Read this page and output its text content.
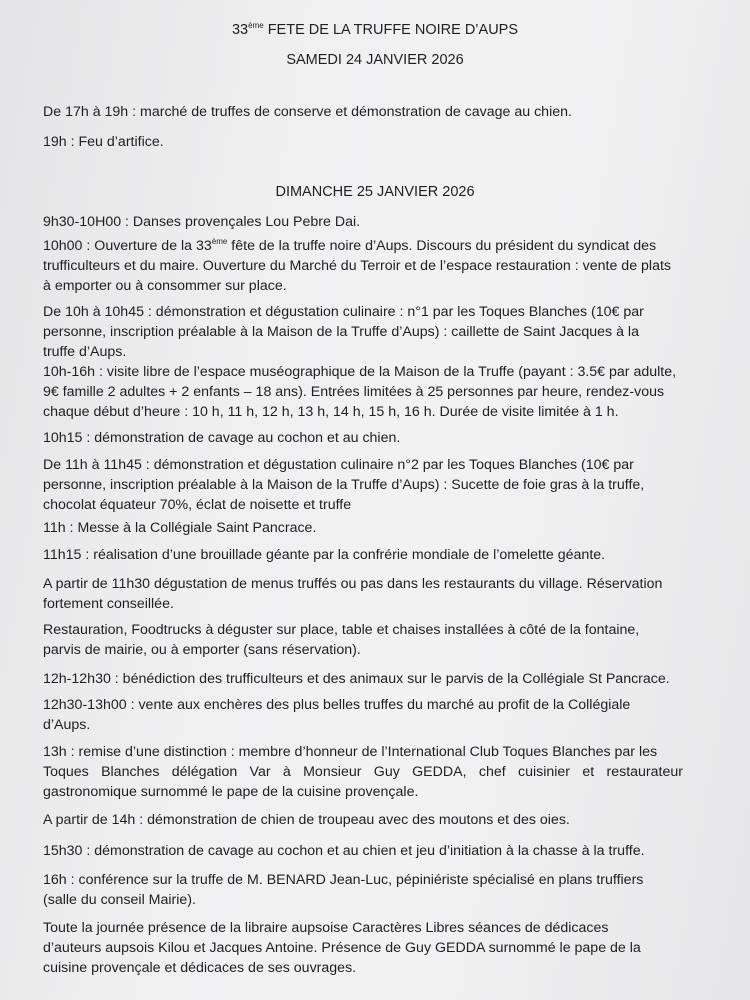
33ème FETE DE LA TRUFFE NOIRE D’AUPS
SAMEDI 24 JANVIER 2026
De 17h à 19h : marché de truffes de conserve et démonstration de cavage au chien.
19h : Feu d’artifice.
DIMANCHE 25 JANVIER 2026
9h30-10H00 : Danses provençales Lou Pebre Dai.
10h00 : Ouverture de la 33ème fête de la truffe noire d’Aups. Discours du président du syndicat des
trufficulteurs et du maire. Ouverture du Marché du Terroir et de l’espace restauration : vente de plats
à emporter ou à consommer sur place.
De 10h à 10h45 : démonstration et dégustation culinaire : n°1 par les Toques Blanches (10€ par
personne, inscription préalable à la Maison de la Truffe d’Aups) : caillette de Saint Jacques à la
truffe d’Aups.
10h-16h : visite libre de l’espace muséographique de la Maison de la Truffe (payant : 3.5€ par adulte,
9€ famille 2 adultes + 2 enfants – 18 ans). Entrées limitées à 25 personnes par heure, rendez-vous
chaque début d’heure : 10 h, 11 h, 12 h, 13 h, 14 h, 15 h, 16 h. Durée de visite limitée à 1 h.
10h15 : démonstration de cavage au cochon et au chien.
De 11h à 11h45 : démonstration et dégustation culinaire n°2 par les Toques Blanches (10€ par
personne, inscription préalable à la Maison de la Truffe d’Aups) : Sucette de foie gras à la truffe,
chocolat équateur 70%, éclat de noisette et truffe
11h : Messe à la Collégiale Saint Pancrace.
11h15 : réalisation d’une brouillade géante par la confrérie mondiale de l’omelette géante.
A partir de 11h30 dégustation de menus truffés ou pas dans les restaurants du village. Réservation
fortement conseillée.
Restauration, Foodtrucks à déguster sur place, table et chaises installées à côté de la fontaine,
parvis de mairie, ou à emporter (sans réservation).
12h-12h30 : bénédiction des trufficulteurs et des animaux sur le parvis de la Collégiale St Pancrace.
12h30-13h00 : vente aux enchères des plus belles truffes du marché au profit de la Collégiale
d’Aups.
13h : remise d’une distinction : membre d’honneur de l’International Club Toques Blanches par les
Toques Blanches délégation Var à Monsieur Guy GEDDA, chef cuisinier et restaurateur
gastronomique surnommé le pape de la cuisine provençale.
A partir de 14h : démonstration de chien de troupeau avec des moutons et des oies.
15h30 : démonstration de cavage au cochon et au chien et jeu d’initiation à la chasse à la truffe.
16h : conférence sur la truffe de M. BENARD Jean-Luc, pépiniériste spécialisé en plans truffiers
(salle du conseil Mairie).
Toute la journée présence de la libraire aupsoise Caractères Libres séances de dédicaces
d’auteurs aupsois Kilou et Jacques Antoine. Présence de Guy GEDDA surnommé le pape de la
cuisine provençale et dédicaces de ses ouvrages.
